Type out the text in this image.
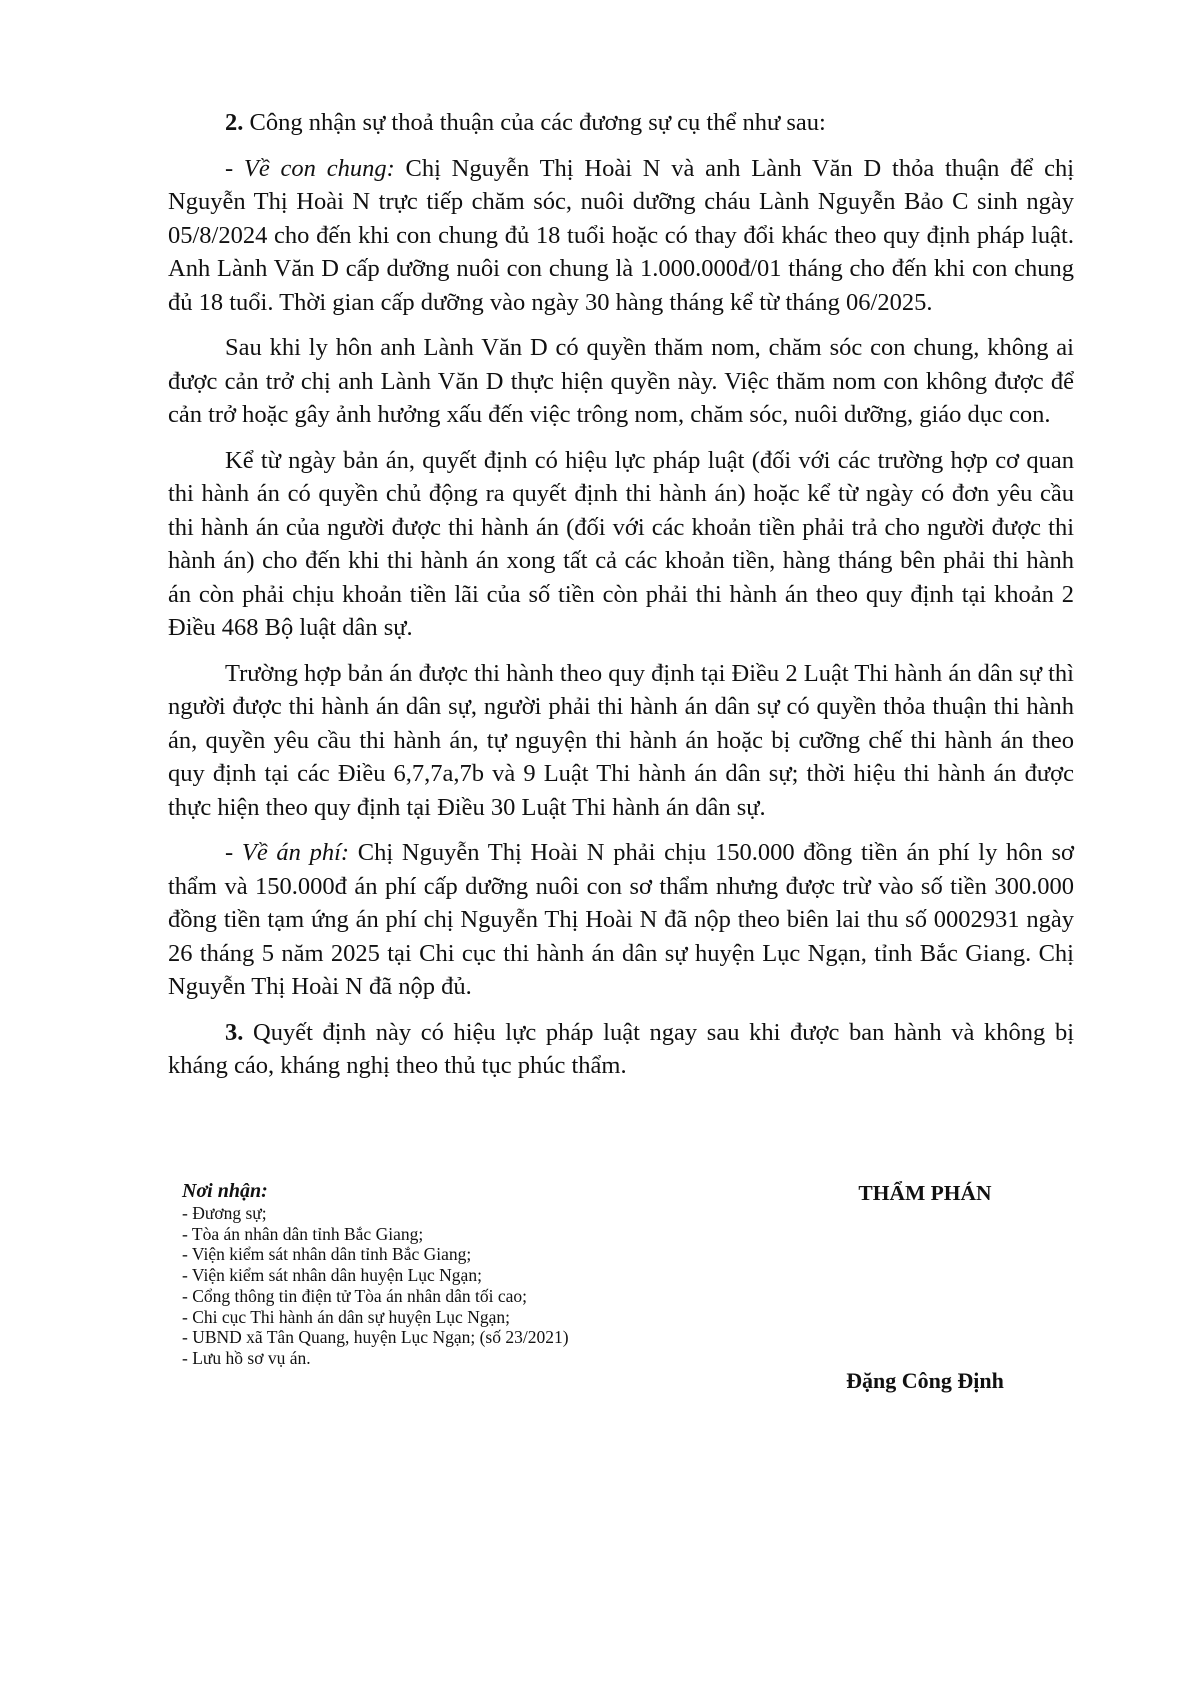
2. Công nhận sự thoả thuận của các đương sự cụ thể như sau:

- Về con chung: Chị Nguyễn Thị Hoài N và anh Lành Văn D thỏa thuận để chị Nguyễn Thị Hoài N trực tiếp chăm sóc, nuôi dưỡng cháu Lành Nguyễn Bảo C sinh ngày 05/8/2024 cho đến khi con chung đủ 18 tuổi hoặc có thay đổi khác theo quy định pháp luật. Anh Lành Văn D cấp dưỡng nuôi con chung là 1.000.000đ/01 tháng cho đến khi con chung đủ 18 tuổi. Thời gian cấp dưỡng vào ngày 30 hàng tháng kể từ tháng 06/2025.

Sau khi ly hôn anh Lành Văn D có quyền thăm nom, chăm sóc con chung, không ai được cản trở chị anh Lành Văn D thực hiện quyền này. Việc thăm nom con không được để cản trở hoặc gây ảnh hưởng xấu đến việc trông nom, chăm sóc, nuôi dưỡng, giáo dục con.

Kể từ ngày bản án, quyết định có hiệu lực pháp luật (đối với các trường hợp cơ quan thi hành án có quyền chủ động ra quyết định thi hành án) hoặc kể từ ngày có đơn yêu cầu thi hành án của người được thi hành án (đối với các khoản tiền phải trả cho người được thi hành án) cho đến khi thi hành án xong tất cả các khoản tiền, hàng tháng bên phải thi hành án còn phải chịu khoản tiền lãi của số tiền còn phải thi hành án theo quy định tại khoản 2 Điều 468 Bộ luật dân sự.

Trường hợp bản án được thi hành theo quy định tại Điều 2 Luật Thi hành án dân sự thì người được thi hành án dân sự, người phải thi hành án dân sự có quyền thỏa thuận thi hành án, quyền yêu cầu thi hành án, tự nguyện thi hành án hoặc bị cưỡng chế thi hành án theo quy định tại các Điều 6,7,7a,7b và 9 Luật Thi hành án dân sự; thời hiệu thi hành án được thực hiện theo quy định tại Điều 30 Luật Thi hành án dân sự.

- Về án phí: Chị Nguyễn Thị Hoài N phải chịu 150.000 đồng tiền án phí ly hôn sơ thẩm và 150.000đ án phí cấp dưỡng nuôi con sơ thẩm nhưng được trừ vào số tiền 300.000 đồng tiền tạm ứng án phí chị Nguyễn Thị Hoài N đã nộp theo biên lai thu số 0002931 ngày 26 tháng 5 năm 2025 tại Chi cục thi hành án dân sự huyện Lục Ngạn, tỉnh Bắc Giang. Chị Nguyễn Thị Hoài N đã nộp đủ.

3. Quyết định này có hiệu lực pháp luật ngay sau khi được ban hành và không bị kháng cáo, kháng nghị theo thủ tục phúc thẩm.

Nơi nhận:
- Đương sự;
- Tòa án nhân dân tỉnh Bắc Giang;
- Viện kiểm sát nhân dân tỉnh Bắc Giang;
- Viện kiểm sát nhân dân huyện Lục Ngạn;
- Cổng thông tin điện tử Tòa án nhân dân tối cao;
- Chi cục Thi hành án dân sự huyện Lục Ngạn;
- UBND xã Tân Quang, huyện Lục Ngạn; (số 23/2021)
- Lưu hồ sơ vụ án.
THẨM PHÁN
Đặng Công Định
